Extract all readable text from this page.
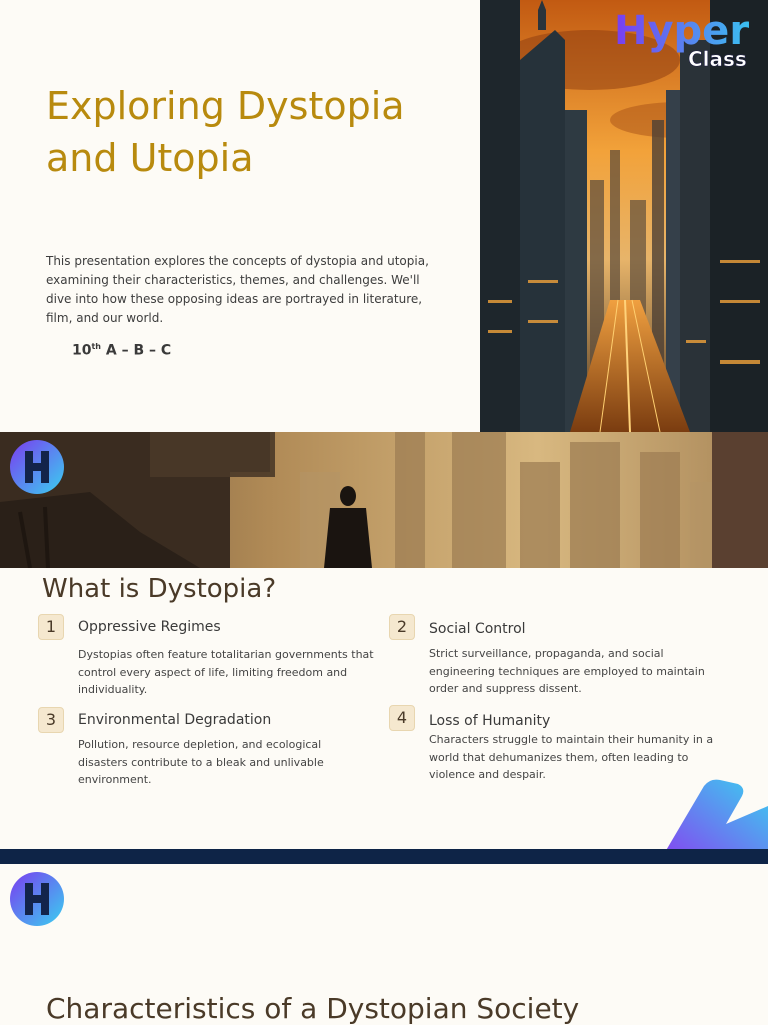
Exploring Dystopia and Utopia

This presentation explores the concepts of dystopia and utopia, examining their characteristics, themes, and challenges. We'll dive into how these opposing ideas are portrayed in literature, film, and our world.

10th A – B – C
Hyper
Class
What is Dystopia?
1	Oppressive Regimes

Dystopias often feature totalitarian governments that control every aspect of life, limiting freedom and individuality.

2	Social Control

Strict surveillance, propaganda, and social engineering techniques are employed to maintain order and suppress dissent.

3	Environmental Degradation

Pollution, resource depletion, and ecological disasters contribute to a bleak and unlivable environment.

4	Loss of Humanity

Characters struggle to maintain their humanity in a world that dehumanizes them, often leading to violence and despair.

Characteristics of a Dystopian Society
